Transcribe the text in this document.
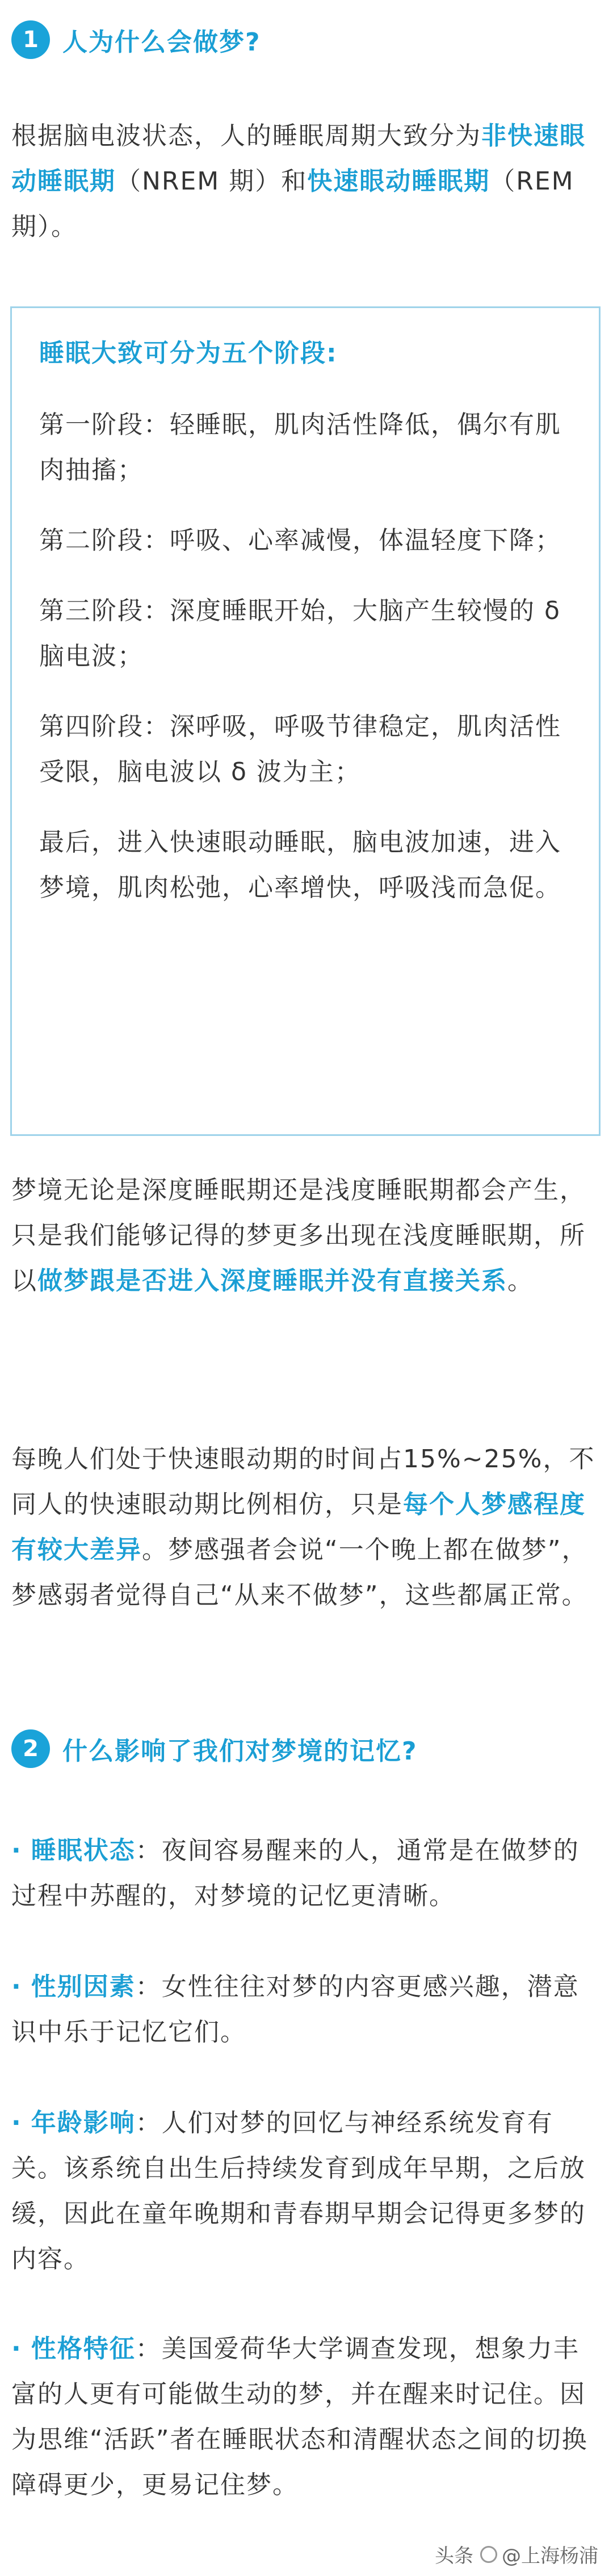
1 人为什么会做梦?

根据脑电波状态，人的睡眠周期大致分为非快速眼动睡眠期（NREM 期）和快速眼动睡眠期（REM 期）。

睡眠大致可分为五个阶段:

第一阶段：轻睡眠，肌肉活性降低，偶尔有肌肉抽搐；

第二阶段：呼吸、心率减慢，体温轻度下降；

第三阶段：深度睡眠开始，大脑产生较慢的 δ 脑电波；

第四阶段：深呼吸，呼吸节律稳定，肌肉活性受限，脑电波以 δ 波为主；

最后，进入快速眼动睡眠，脑电波加速，进入梦境，肌肉松弛，心率增快，呼吸浅而急促。

梦境无论是深度睡眠期还是浅度睡眠期都会产生，只是我们能够记得的梦更多出现在浅度睡眠期，所以做梦跟是否进入深度睡眠并没有直接关系。

每晚人们处于快速眼动期的时间占15%~25%，不同人的快速眼动期比例相仿，只是每个人梦感程度有较大差异。梦感强者会说“一个晚上都在做梦”，梦感弱者觉得自己“从来不做梦”，这些都属正常。

2 什么影响了我们对梦境的记忆?

· 睡眠状态：夜间容易醒来的人，通常是在做梦的过程中苏醒的，对梦境的记忆更清晰。

· 性别因素：女性往往对梦的内容更感兴趣，潜意识中乐于记忆它们。

· 年龄影响：人们对梦的回忆与神经系统发育有关。该系统自出生后持续发育到成年早期，之后放缓，因此在童年晚期和青春期早期会记得更多梦的内容。

· 性格特征：美国爱荷华大学调查发现，想象力丰富的人更有可能做生动的梦，并在醒来时记住。因为思维“活跃”者在睡眠状态和清醒状态之间的切换障碍更少，更易记住梦。

头条 @上海杨浦
